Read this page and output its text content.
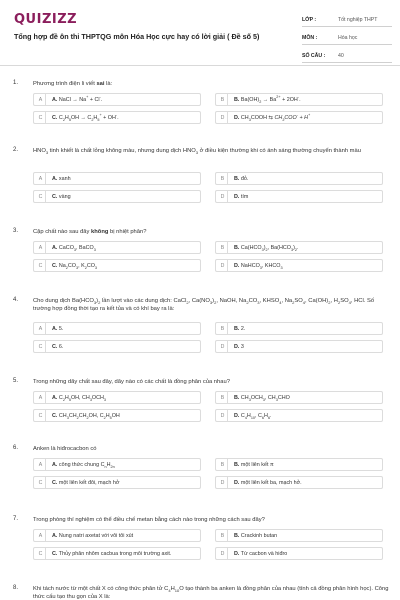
QUIZIZZ
Tổng hợp đề ôn thi THPTQG môn Hóa Học cực hay có lời giải ( Đề số 5)
LỚP :	Tốt nghiệp THPT
MÔN :	Hóa học
SỐ CÂU :	40
1.	Phương trình điện li viết sai là:
A	A. NaCl → Na+ + Cl-.	B	B. $Ba(OH)_2 \to Ba^{2+} + 2OH^-$.
C	C. $C_2H_5OH \to C_2H_5^+ + OH^-$.	D	D. $CH_3COOH$ ⇆ $CH_3COO^- + H^+$
2.	$HNO_3$ tinh khiết là chất lỏng không màu, nhưng dung dịch $HNO_3$ ở điều kiện thường khi có ánh sáng thường chuyển thành màu
A	A. xanh	B	B. đỏ.
C	C. vàng	D	D. tím
3.	Cặp chất nào sau đây không bị nhiệt phân?
A	A. CaCO$_3$, BaCO$_3$	B	B. $Ca(HCO_3)_2$, $Ba(HCO_3)_2$.
C	C. $Na_2CO_3$, $K_2CO_3$	D	D. NaHCO$_3$, $KHCO_3$
4.	Cho dung dịch $Ba(HCO_3)_2$ lần lượt vào các dung dịch: CaCl$_2$, $Ca(NO_3)_2$, NaOH, $Na_2CO_3$, $KHSO_4$, $Na_2SO_4$, $Ca(OH)_2$, $H_2SO_4$, HCl. Số trường hợp đồng thời tạo ra kết tủa và có khí bay ra là:
A	A. 5.	B	B. 2.
C	C. 6.	D	D. 3
5.	Trong những dãy chất sau đây, dãy nào có các chất là đồng phân của nhau?
A	A. $C_2H_5OH$, $CH_3OCH_3$	B	B. $CH_3OCH_3$, $CH_3CHO$
C	C. $CH_3CH_2CH_2OH$, $C_2H_5OH$	D	D. $C_4H_{10}$, $C_6H_6$.
6.	Anken là hiđrocacbon có
A	A. công thức chung $C_nH_{2n}$	B	B. một liên kết π
C	C. một liên kết đôi, mạch hở	D	D. một liên kết ba, mạch hở.
7.	Trong phòng thí nghiệm có thể điều chế metan bằng cách nào trong những cách sau đây?
A	A. Nung natri axetat với vôi tôi xút	B	B. Crackinh butan
C	C. Thủy phân nhôm cacbua trong môi trường axit.	D	D. Từ cacbon và hiđro
8.	Khi tách nước từ một chất X có công thức phân tử $C_4H_{10}O$ tạo thành ba anken là đồng phân của nhau (tính cả đồng phân hình học). Công thức cấu tạo thu gọn của X là:
